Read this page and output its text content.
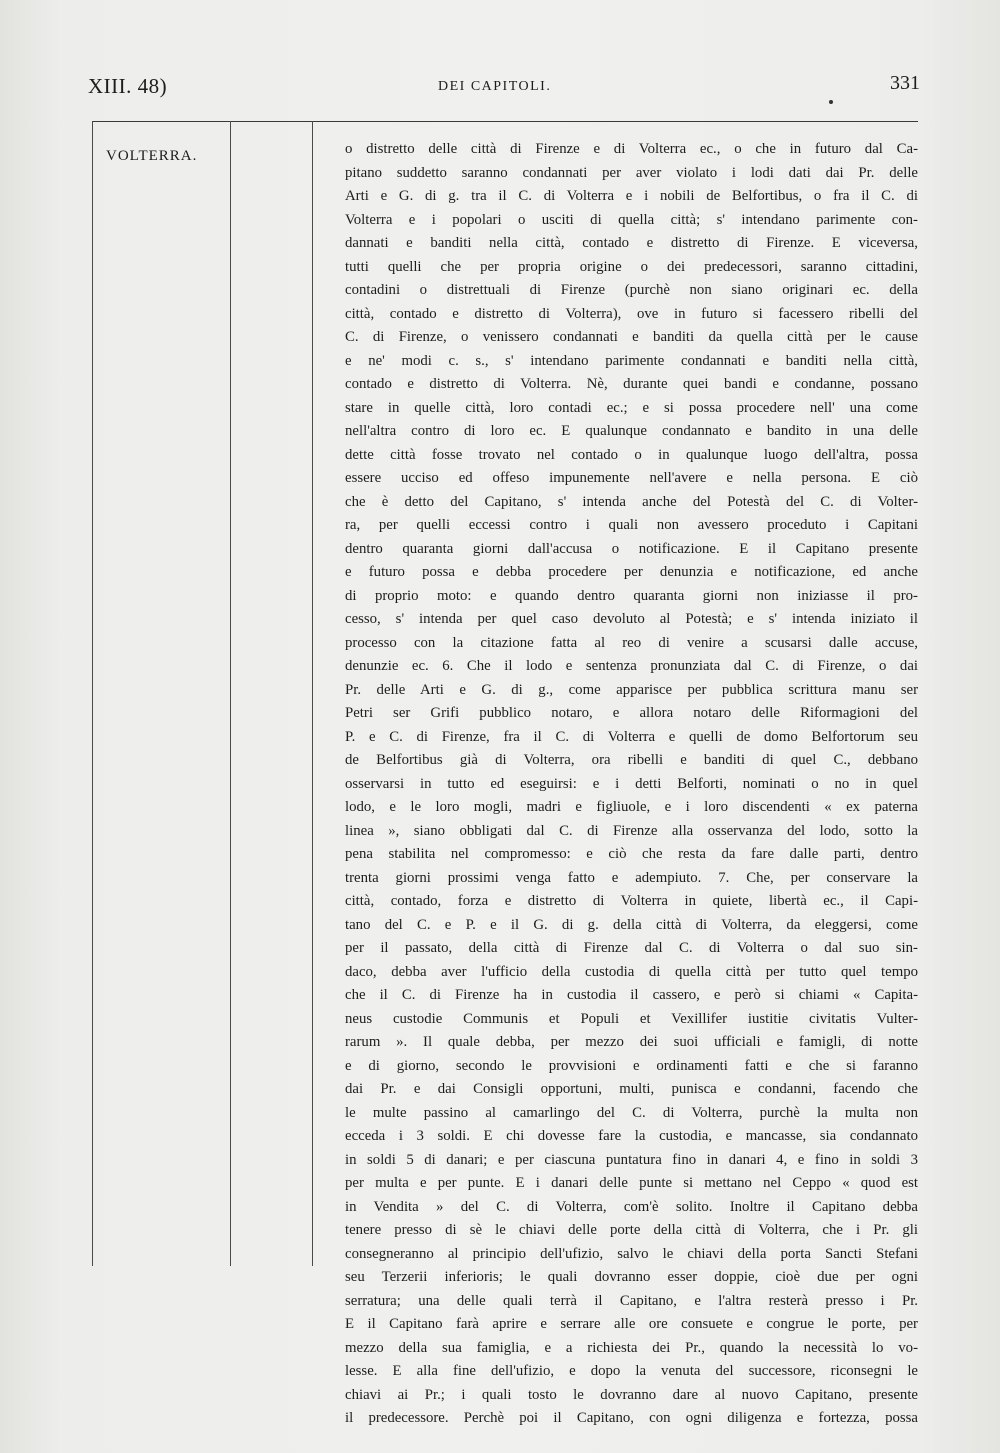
XIII. 48)	DEI CAPITOLI.	331
VOLTERRA.	o distretto delle città di Firenze e di Volterra ec., o che in futuro dal Ca-
pitano suddetto saranno condannati per aver violato i lodi dati dai Pr. delle
Arti e G. di g. tra il C. di Volterra e i nobili de Belfortibus, o fra il C. di
Volterra e i popolari o usciti di quella città; s' intendano parimente con-
dannati e banditi nella città, contado e distretto di Firenze. E viceversa,
tutti quelli che per propria origine o dei predecessori, saranno cittadini,
contadini o distrettuali di Firenze (purchè non siano originari ec. della
città, contado e distretto di Volterra), ove in futuro si facessero ribelli del
C. di Firenze, o venissero condannati e banditi da quella città per le cause
e ne' modi c. s., s' intendano parimente condannati e banditi nella città,
contado e distretto di Volterra. Nè, durante quei bandi e condanne, possano
stare in quelle città, loro contadi ec.; e si possa procedere nell' una come
nell'altra contro di loro ec. E qualunque condannato e bandito in una delle
dette città fosse trovato nel contado o in qualunque luogo dell'altra, possa
essere ucciso ed offeso impunemente nell'avere e nella persona. E ciò
che è detto del Capitano, s' intenda anche del Potestà del C. di Volter-
ra, per quelli eccessi contro i quali non avessero proceduto i Capitani
dentro quaranta giorni dall'accusa o notificazione. E il Capitano presente
e futuro possa e debba procedere per denunzia e notificazione, ed anche
di proprio moto: e quando dentro quaranta giorni non iniziasse il pro-
cesso, s' intenda per quel caso devoluto al Potestà; e s' intenda iniziato il
processo con la citazione fatta al reo di venire a scusarsi dalle accuse,
denunzie ec. 6. Che il lodo e sentenza pronunziata dal C. di Firenze, o dai
Pr. delle Arti e G. di g., come apparisce per pubblica scrittura manu ser
Petri ser Grifi pubblico notaro, e allora notaro delle Riformagioni del
P. e C. di Firenze, fra il C. di Volterra e quelli de domo Belfortorum seu
de Belfortibus già di Volterra, ora ribelli e banditi di quel C., debbano
osservarsi in tutto ed eseguirsi: e i detti Belforti, nominati o no in quel
lodo, e le loro mogli, madri e figliuole, e i loro discendenti « ex paterna
linea », siano obbligati dal C. di Firenze alla osservanza del lodo, sotto la
pena stabilita nel compromesso: e ciò che resta da fare dalle parti, dentro
trenta giorni prossimi venga fatto e adempiuto. 7. Che, per conservare la
città, contado, forza e distretto di Volterra in quiete, libertà ec., il Capi-
tano del C. e P. e il G. di g. della città di Volterra, da eleggersi, come
per il passato, della città di Firenze dal C. di Volterra o dal suo sin-
daco, debba aver l'ufficio della custodia di quella città per tutto quel tempo
che il C. di Firenze ha in custodia il cassero, e però si chiami « Capita-
neus custodie Communis et Populi et Vexillifer iustitie civitatis Vulter-
rarum ». Il quale debba, per mezzo dei suoi ufficiali e famigli, di notte
e di giorno, secondo le provvisioni e ordinamenti fatti e che si faranno
dai Pr. e dai Consigli opportuni, multi, punisca e condanni, facendo che
le multe passino al camarlingo del C. di Volterra, purchè la multa non
ecceda i 3 soldi. E chi dovesse fare la custodia, e mancasse, sia condannato
in soldi 5 di danari; e per ciascuna puntatura fino in danari 4, e fino in soldi 3
per multa e per punte. E i danari delle punte si mettano nel Ceppo « quod est
in Vendita » del C. di Volterra, com'è solito. Inoltre il Capitano debba
tenere presso di sè le chiavi delle porte della città di Volterra, che i Pr. gli
consegneranno al principio dell'ufizio, salvo le chiavi della porta Sancti Stefani
seu Terzerii inferioris; le quali dovranno esser doppie, cioè due per ogni
serratura; una delle quali terrà il Capitano, e l'altra resterà presso i Pr.
E il Capitano farà aprire e serrare alle ore consuete e congrue le porte, per
mezzo della sua famiglia, e a richiesta dei Pr., quando la necessità lo vo-
lesse. E alla fine dell'ufizio, e dopo la venuta del successore, riconsegni le
chiavi ai Pr.; i quali tosto le dovranno dare al nuovo Capitano, presente
il predecessore. Perchè poi il Capitano, con ogni diligenza e fortezza, possa
